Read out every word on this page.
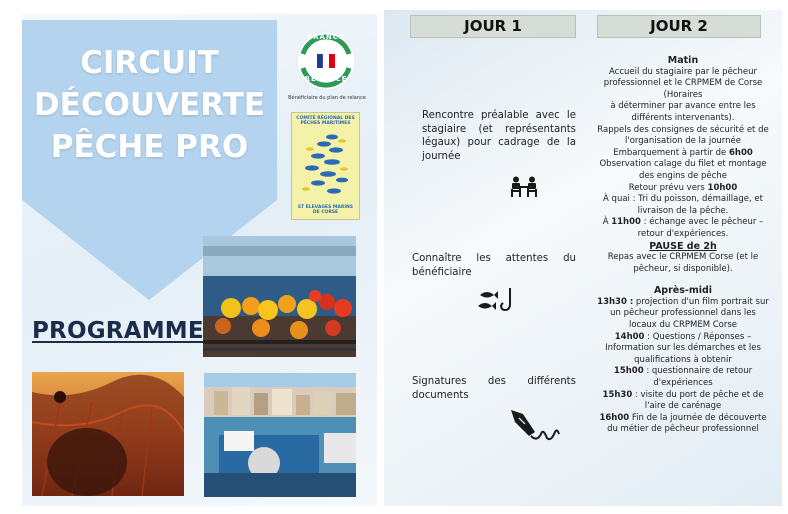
CIRCUIT
DÉCOUVERTE
PÊCHE PRO
FRANCE
RELANCE
Bénéficiaire du plan de relance
COMITÉ RÉGIONAL DES PÊCHES MARITIMES
ET ÉLEVAGES MARINS
DE CORSE
PROGRAMME
JOUR 1	JOUR 2
Rencontre préalable avec le stagiaire (et représentants légaux) pour cadrage de la journée
Connaître les attentes du bénéficiaire
Signatures des différents documents
Matin
Accueil du stagiaire par le pêcheur professionnel et le CRPMEM de Corse (Horaires
à déterminer par avance entre les différents intervenants).
Rappels des consignes de sécurité et de l'organisation de la journée
Embarquement à partir de 6h00
Observation calage du filet et montage des engins de pêche
Retour prévu vers 10h00
À quai : Tri du poisson, démaillage, et livraison de la pêche.
À 11h00 : échange avec le pêcheur – retour d'expériences.
PAUSE de 2h
Repas avec le CRPMEM Corse (et le pêcheur, si disponible).
Après-midi
13h30 : projection d'un film portrait sur un pêcheur professionnel dans les locaux du CRPMEM Corse
14h00 : Questions / Réponses – Information sur les démarches et les qualifications à obtenir
15h00 : questionnaire de retour d'expériences
15h30 : visite du port de pêche et de l'aire de carénage
16h00 Fin de la journée de découverte du métier de pêcheur professionnel
